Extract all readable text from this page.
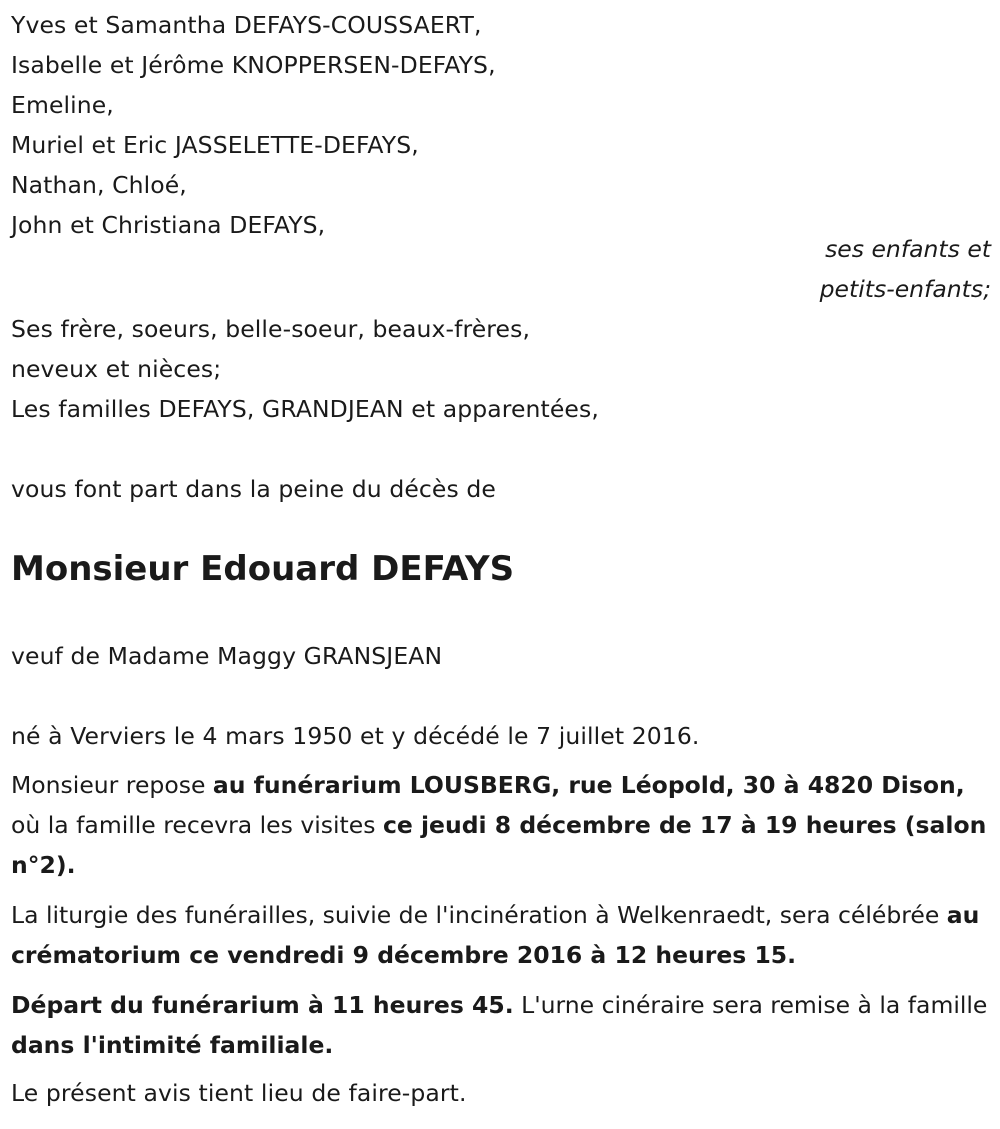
Yves et Samantha DEFAYS-COUSSAERT,
Isabelle et Jérôme KNOPPERSEN-DEFAYS,
Emeline,
Muriel et Eric JASSELETTE-DEFAYS,
Nathan, Chloé,
John et Christiana DEFAYS,
ses enfants et
petits-enfants;
Ses frère, soeurs, belle-soeur, beaux-frères,
neveux et nièces;
Les familles DEFAYS, GRANDJEAN et apparentées,
vous font part dans la peine du décès de
Monsieur Edouard DEFAYS
veuf de Madame Maggy GRANSJEAN
né à Verviers le 4 mars 1950 et y décédé le 7 juillet 2016.
Monsieur repose au funérarium LOUSBERG, rue Léopold, 30 à 4820 Dison, où la famille recevra les visites ce jeudi 8 décembre de 17 à 19 heures (salon n°2).
La liturgie des funérailles, suivie de l'incinération à Welkenraedt, sera célébrée au crématorium ce vendredi 9 décembre 2016 à 12 heures 15.
Départ du funérarium à 11 heures 45. L'urne cinéraire sera remise à la famille dans l'intimité familiale.
Le présent avis tient lieu de faire-part.
